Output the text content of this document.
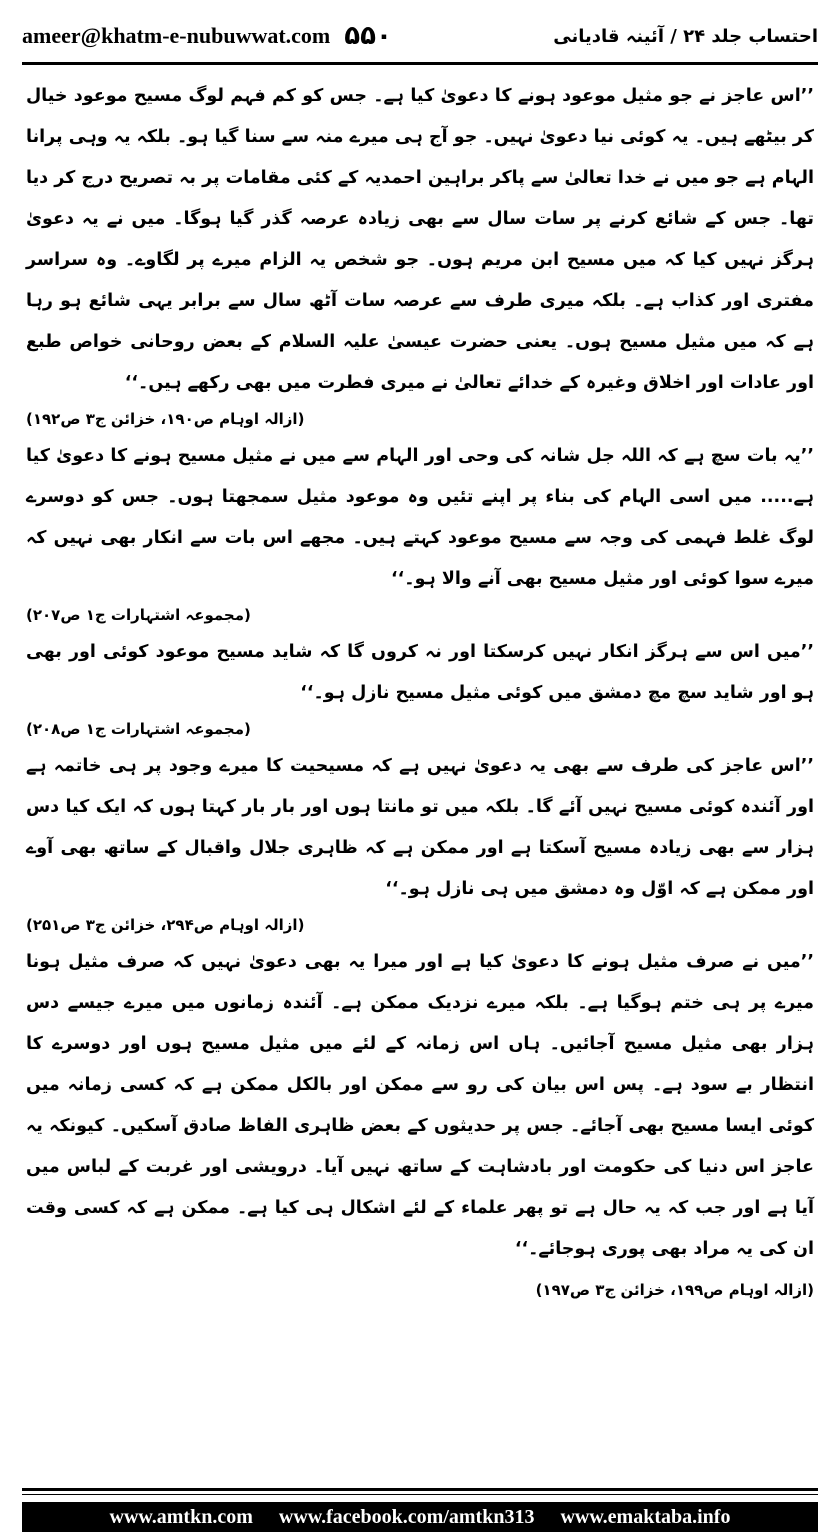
ameer@khatm-e-nubuwwat.com ۵۵۰	احتساب جلد ۲۴ / آئینہ قادیانی
’’اس عاجز نے جو مثیل موعود ہونے کا دعویٰ کیا ہے۔ جس کو کم فہم لوگ مسیح موعود خیال کر بیٹھے ہیں۔ یہ کوئی نیا دعویٰ نہیں۔ جو آج ہی میرے منہ سے سنا گیا ہو۔ بلکہ یہ وہی پرانا الہام ہے جو میں نے خدا تعالیٰ سے پاکر براہین احمدیہ کے کئی مقامات پر بہ تصریح درج کر دیا تھا۔ جس کے شائع کرنے پر سات سال سے بھی زیادہ عرصہ گذر گیا ہوگا۔ میں نے یہ دعویٰ ہرگز نہیں کیا کہ میں مسیح ابن مریم ہوں۔ جو شخص یہ الزام میرے پر لگاوے۔ وہ سراسر مفتری اور کذاب ہے۔ بلکہ میری طرف سے عرصہ سات آٹھ سال سے برابر یہی شائع ہو رہا ہے کہ میں مثیل مسیح ہوں۔ یعنی حضرت عیسیٰ علیہ السلام کے بعض روحانی خواص طبع اور عادات اور اخلاق وغیرہ کے خدائے تعالیٰ نے میری فطرت میں بھی رکھے ہیں۔‘‘
(ازالہ اوہام ص۱۹۰، خزائن ج۳ ص۱۹۲)
’’یہ بات سچ ہے کہ اللہ جل شانہ کی وحی اور الہام سے میں نے مثیل مسیح ہونے کا دعویٰ کیا ہے..... میں اسی الہام کی بناء پر اپنے تئیں وہ موعود مثیل سمجھتا ہوں۔ جس کو دوسرے لوگ غلط فہمی کی وجہ سے مسیح موعود کہتے ہیں۔ مجھے اس بات سے انکار بھی نہیں کہ میرے سوا کوئی اور مثیل مسیح بھی آنے والا ہو۔‘‘
(مجموعہ اشتہارات ج۱ ص۲۰۷)
’’میں اس سے ہرگز انکار نہیں کرسکتا اور نہ کروں گا کہ شاید مسیح موعود کوئی اور بھی ہو اور شاید سچ مچ دمشق میں کوئی مثیل مسیح نازل ہو۔‘‘
(مجموعہ اشتہارات ج۱ ص۲۰۸)
’’اس عاجز کی طرف سے بھی یہ دعویٰ نہیں ہے کہ مسیحیت کا میرے وجود پر ہی خاتمہ ہے اور آئندہ کوئی مسیح نہیں آئے گا۔ بلکہ میں تو مانتا ہوں اور بار بار کہتا ہوں کہ ایک کیا دس ہزار سے بھی زیادہ مسیح آسکتا ہے اور ممکن ہے کہ ظاہری جلال واقبال کے ساتھ بھی آوے اور ممکن ہے کہ اوّل وہ دمشق میں ہی نازل ہو۔‘‘
(ازالہ اوہام ص۲۹۴، خزائن ج۳ ص۲۵۱)
’’میں نے صرف مثیل ہونے کا دعویٰ کیا ہے اور میرا یہ بھی دعویٰ نہیں کہ صرف مثیل ہونا میرے پر ہی ختم ہوگیا ہے۔ بلکہ میرے نزدیک ممکن ہے۔ آئندہ زمانوں میں میرے جیسے دس ہزار بھی مثیل مسیح آجائیں۔ ہاں اس زمانہ کے لئے میں مثیل مسیح ہوں اور دوسرے کا انتظار بے سود ہے۔ پس اس بیان کی رو سے ممکن اور بالکل ممکن ہے کہ کسی زمانہ میں کوئی ایسا مسیح بھی آجائے۔ جس پر حدیثوں کے بعض ظاہری الفاظ صادق آسکیں۔ کیونکہ یہ عاجز اس دنیا کی حکومت اور بادشاہت کے ساتھ نہیں آیا۔ درویشی اور غربت کے لباس میں آیا ہے اور جب کہ یہ حال ہے تو پھر علماء کے لئے اشکال ہی کیا ہے۔ ممکن ہے کہ کسی وقت ان کی یہ مراد بھی پوری ہوجائے۔‘‘
(ازالہ اوہام ص۱۹۹، خزائن ج۳ ص۱۹۷)
www.amtkn.com www.facebook.com/amtkn313 www.emaktaba.info
